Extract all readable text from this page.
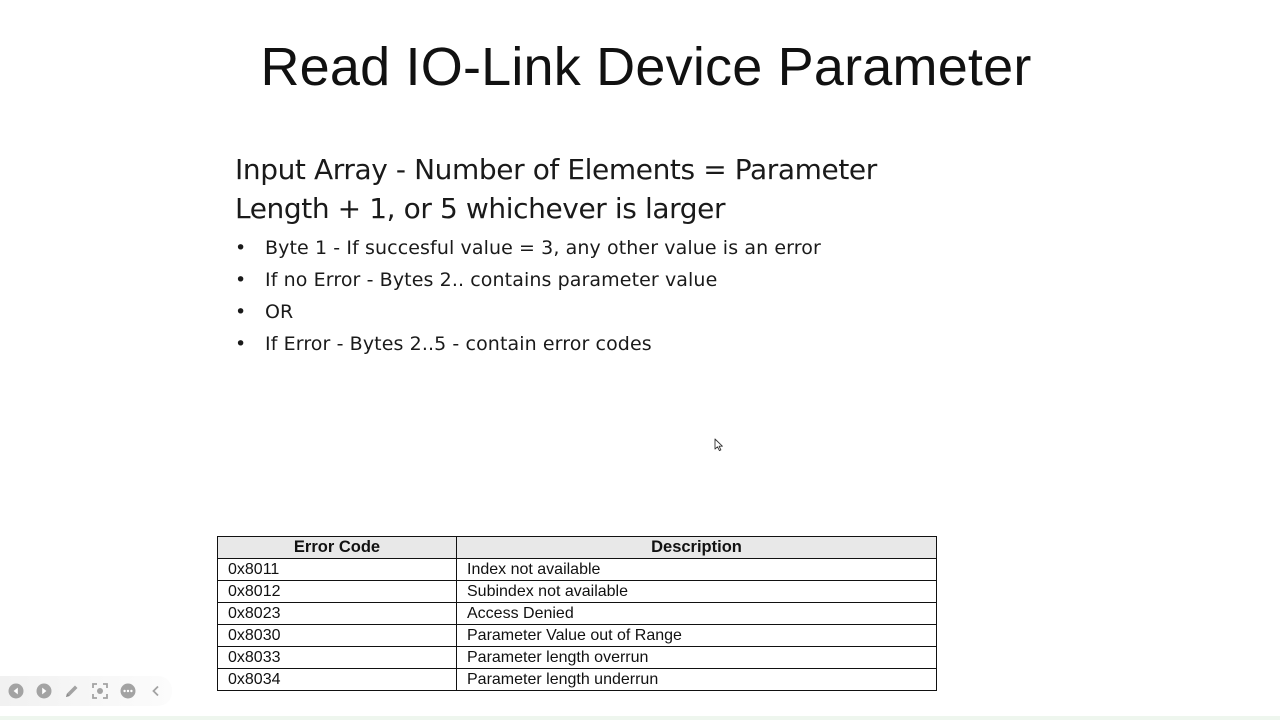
Read IO-Link Device Parameter

Input Array - Number of Elements = Parameter
Length + 1, or 5 whichever is larger

• Byte 1 - If succesful value = 3, any other value is an error
• If no Error - Bytes 2.. contains parameter value
• OR
• If Error - Bytes 2..5 - contain error codes
Error Code	Description
0x8011	Index not available
0x8012	Subindex not available
0x8023	Access Denied
0x8030	Parameter Value out of Range
0x8033	Parameter length overrun
0x8034	Parameter length underrun
